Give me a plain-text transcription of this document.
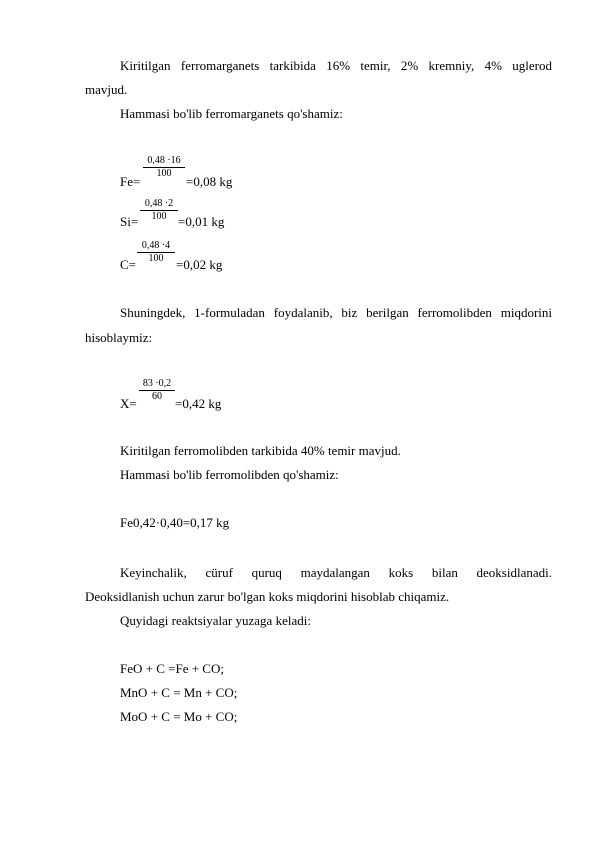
Kiritilgan ferromarganets tarkibida 16% temir, 2% kremniy, 4% uglerod
mavjud.
Hammasi bo'lib ferromarganets qo'shamiz:
Fe=
0,48 ·16
100
=0,08 kg
Si=
0,48 ·2
100 =0,01 kg
C=
0,48 ·4
100 =0,02 kg
Shuningdek, 1-formuladan foydalanib, biz berilgan ferromolibden miqdorini
hisoblaymiz:
X=
83 ·0,2
60	=0,42 kg
Kiritilgan ferromolibden tarkibida 40% temir mavjud.
Hammasi bo'lib ferromolibden qo'shamiz:
Fe0,42·0,40=0,17 kg
Keyinchalik, cüruf quruq maydalangan koks bilan deoksidlanadi.
Deoksidlanish uchun zarur bo'lgan koks miqdorini hisoblab chiqamiz.
Quyidagi reaktsiyalar yuzaga keladi:
FeO + C =Fe + CO;
MnO + C = Mn + CO;
MoO + C = Mo + CO;
